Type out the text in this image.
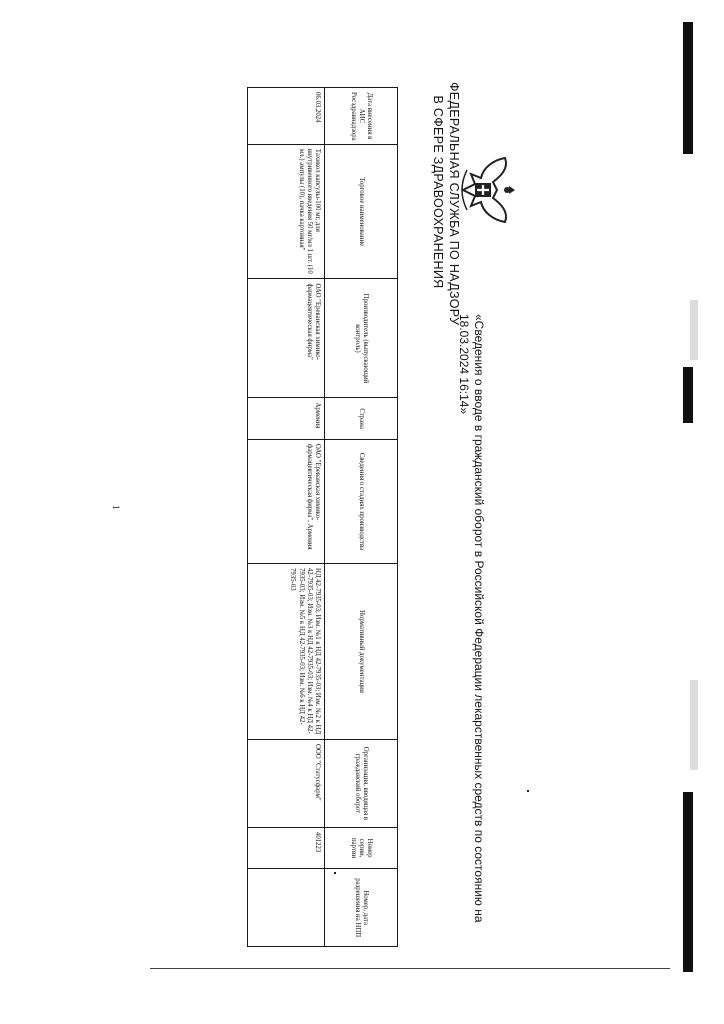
ФЕДЕРАЛЬНАЯ СЛУЖБА ПО НАДЗОРУ
В СФЕРЕ ЗДРАВООХРАНЕНИЯ
«Сведения о вводе в гражданский оборот в Российской Федерации лекарственных средств по состоянию на 18.03.2024 16:14»
Дата внесения в АИС Росздравнадзора	Торговое наименование	Производитель (выпускающий контроль)	Страна	Сведения о стадиях производства	Нормативный документация	Организация, вводящая в гражданский оборот	Номер серии, партии	Номер, дата разрешения на НПП
06.03.2024	Тахикол капсулы-100 мг, для внутривенного введения 50 мг/мл 1 шт. (10 мл.) ампулы (10), пачка картонная"	ОАО "Ереванская химико-фармацевтическая фирма"	Армения	ОАО "Ереванская химико-фармацевтическая фирма", Армения	НД 42-7935-03; Изм. №1 к НД 42-7935-03; Изм. №2 к НД 42-7935-03; Изм. №3 к НД 42-7935-03; Изм. №4 к НД 42-7935-03; Изм. №5 к НД 42-7935-03; Изм. №6 к НД 42-7935-03	ООО "Статусфарм"	401223	
1
